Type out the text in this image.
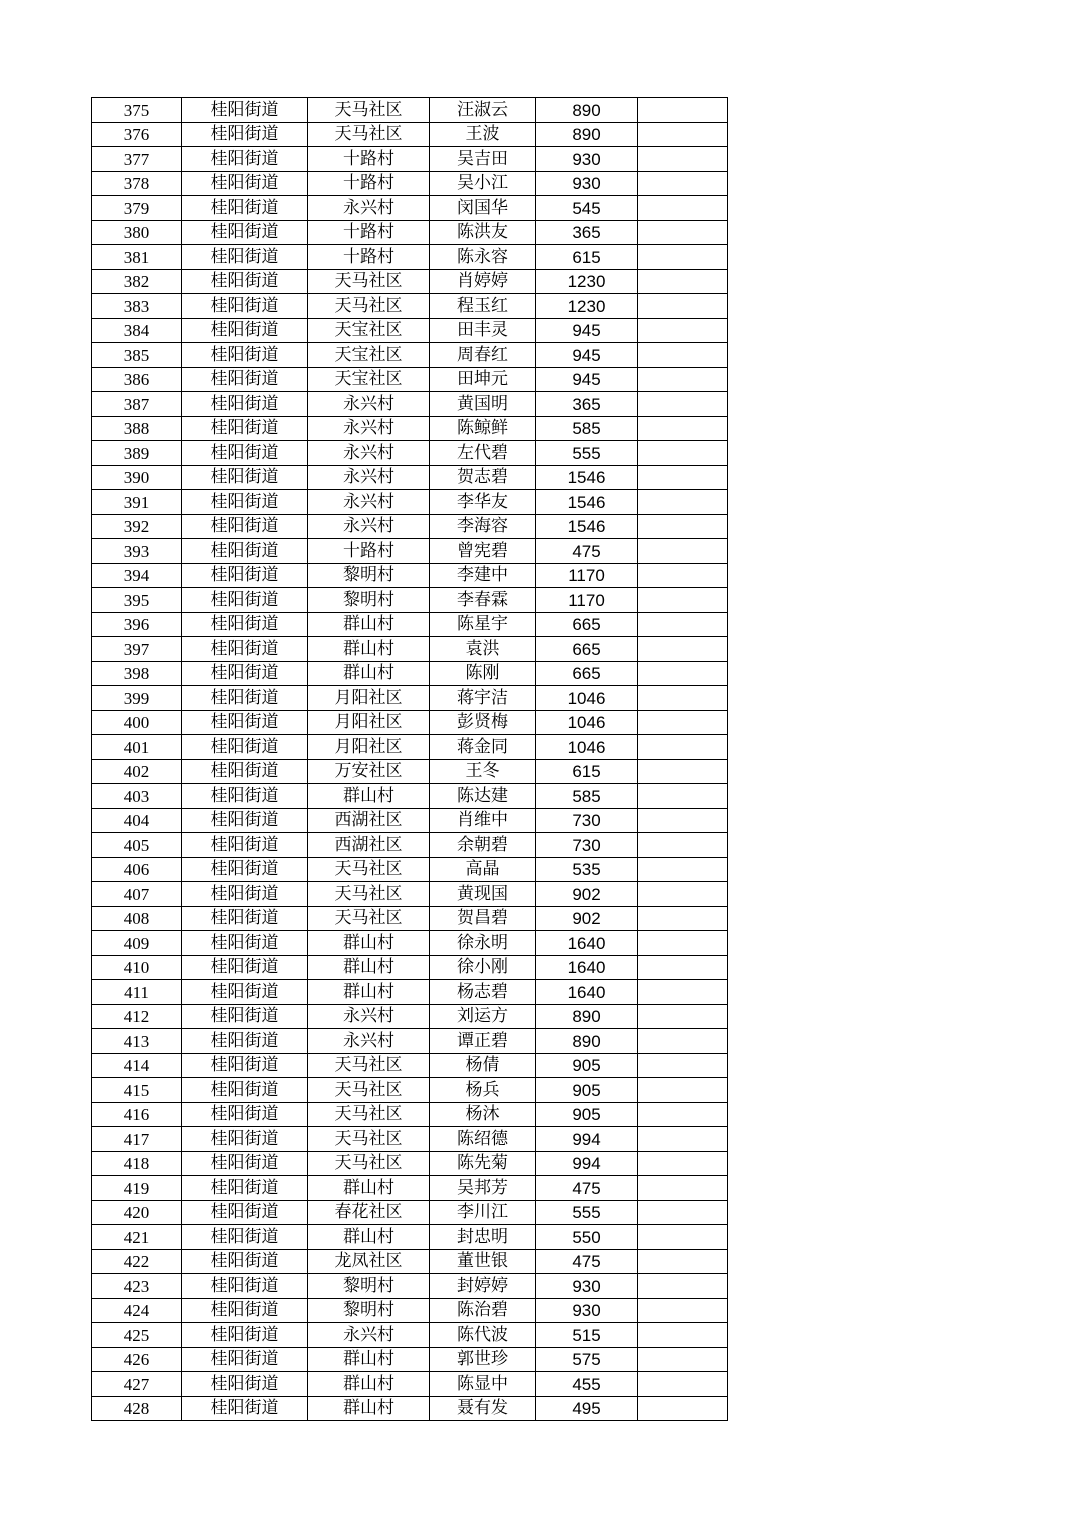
375	桂阳街道	天马社区	汪淑云	890	
376	桂阳街道	天马社区	王波	890	
377	桂阳街道	十路村	吴吉田	930	
378	桂阳街道	十路村	吴小江	930	
379	桂阳街道	永兴村	闵国华	545	
380	桂阳街道	十路村	陈洪友	365	
381	桂阳街道	十路村	陈永容	615	
382	桂阳街道	天马社区	肖婷婷	1230	
383	桂阳街道	天马社区	程玉红	1230	
384	桂阳街道	天宝社区	田丰灵	945	
385	桂阳街道	天宝社区	周春红	945	
386	桂阳街道	天宝社区	田坤元	945	
387	桂阳街道	永兴村	黄国明	365	
388	桂阳街道	永兴村	陈鲸鲜	585	
389	桂阳街道	永兴村	左代碧	555	
390	桂阳街道	永兴村	贺志碧	1546	
391	桂阳街道	永兴村	李华友	1546	
392	桂阳街道	永兴村	李海容	1546	
393	桂阳街道	十路村	曾宪碧	475	
394	桂阳街道	黎明村	李建中	1170	
395	桂阳街道	黎明村	李春霖	1170	
396	桂阳街道	群山村	陈星宇	665	
397	桂阳街道	群山村	袁洪	665	
398	桂阳街道	群山村	陈刚	665	
399	桂阳街道	月阳社区	蒋宇洁	1046	
400	桂阳街道	月阳社区	彭贤梅	1046	
401	桂阳街道	月阳社区	蒋金同	1046	
402	桂阳街道	万安社区	王冬	615	
403	桂阳街道	群山村	陈达建	585	
404	桂阳街道	西湖社区	肖维中	730	
405	桂阳街道	西湖社区	余朝碧	730	
406	桂阳街道	天马社区	高晶	535	
407	桂阳街道	天马社区	黄现国	902	
408	桂阳街道	天马社区	贺昌碧	902	
409	桂阳街道	群山村	徐永明	1640	
410	桂阳街道	群山村	徐小刚	1640	
411	桂阳街道	群山村	杨志碧	1640	
412	桂阳街道	永兴村	刘运方	890	
413	桂阳街道	永兴村	谭正碧	890	
414	桂阳街道	天马社区	杨倩	905	
415	桂阳街道	天马社区	杨兵	905	
416	桂阳街道	天马社区	杨沐	905	
417	桂阳街道	天马社区	陈绍德	994	
418	桂阳街道	天马社区	陈先菊	994	
419	桂阳街道	群山村	吴邦芳	475	
420	桂阳街道	春花社区	李川江	555	
421	桂阳街道	群山村	封忠明	550	
422	桂阳街道	龙凤社区	董世银	475	
423	桂阳街道	黎明村	封婷婷	930	
424	桂阳街道	黎明村	陈治碧	930	
425	桂阳街道	永兴村	陈代波	515	
426	桂阳街道	群山村	郭世珍	575	
427	桂阳街道	群山村	陈显中	455	
428	桂阳街道	群山村	聂有发	495	
